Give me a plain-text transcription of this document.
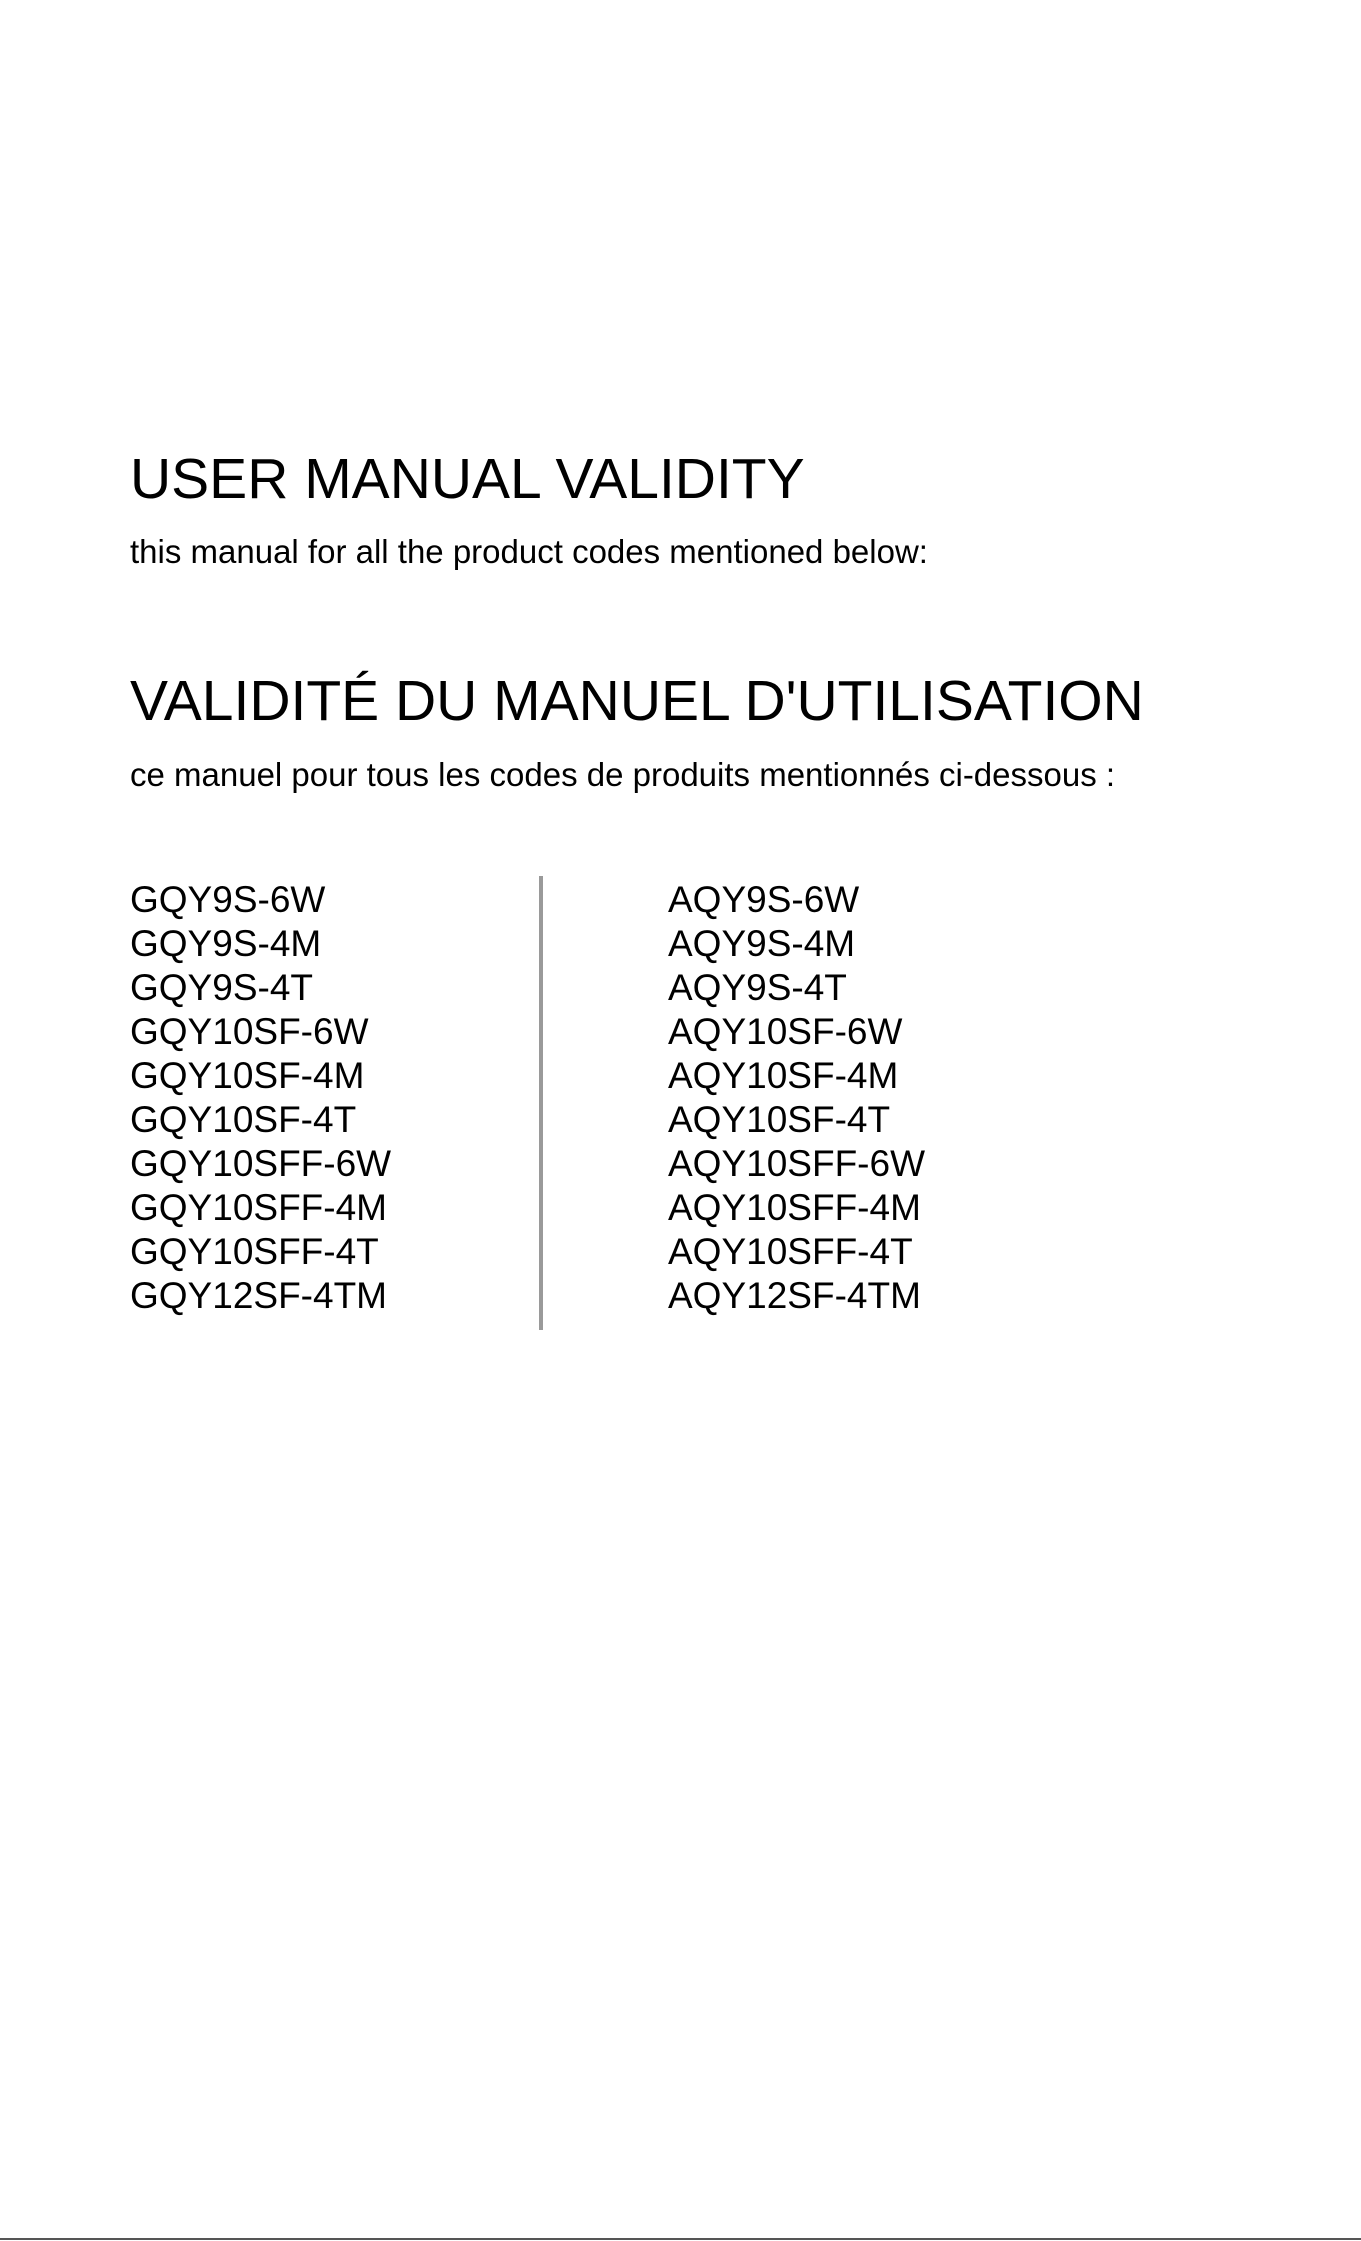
USER MANUAL VALIDITY

this manual for all the product codes mentioned below:

VALIDITÉ DU MANUEL D'UTILISATION

ce manuel pour tous les codes de produits mentionnés ci-dessous :

GQY9S-6W
GQY9S-4M
GQY9S-4T
GQY10SF-6W
GQY10SF-4M
GQY10SF-4T
GQY10SFF-6W
GQY10SFF-4M
GQY10SFF-4T
GQY12SF-4TM
AQY9S-6W
AQY9S-4M
AQY9S-4T
AQY10SF-6W
AQY10SF-4M
AQY10SF-4T
AQY10SFF-6W
AQY10SFF-4M
AQY10SFF-4T
AQY12SF-4TM
